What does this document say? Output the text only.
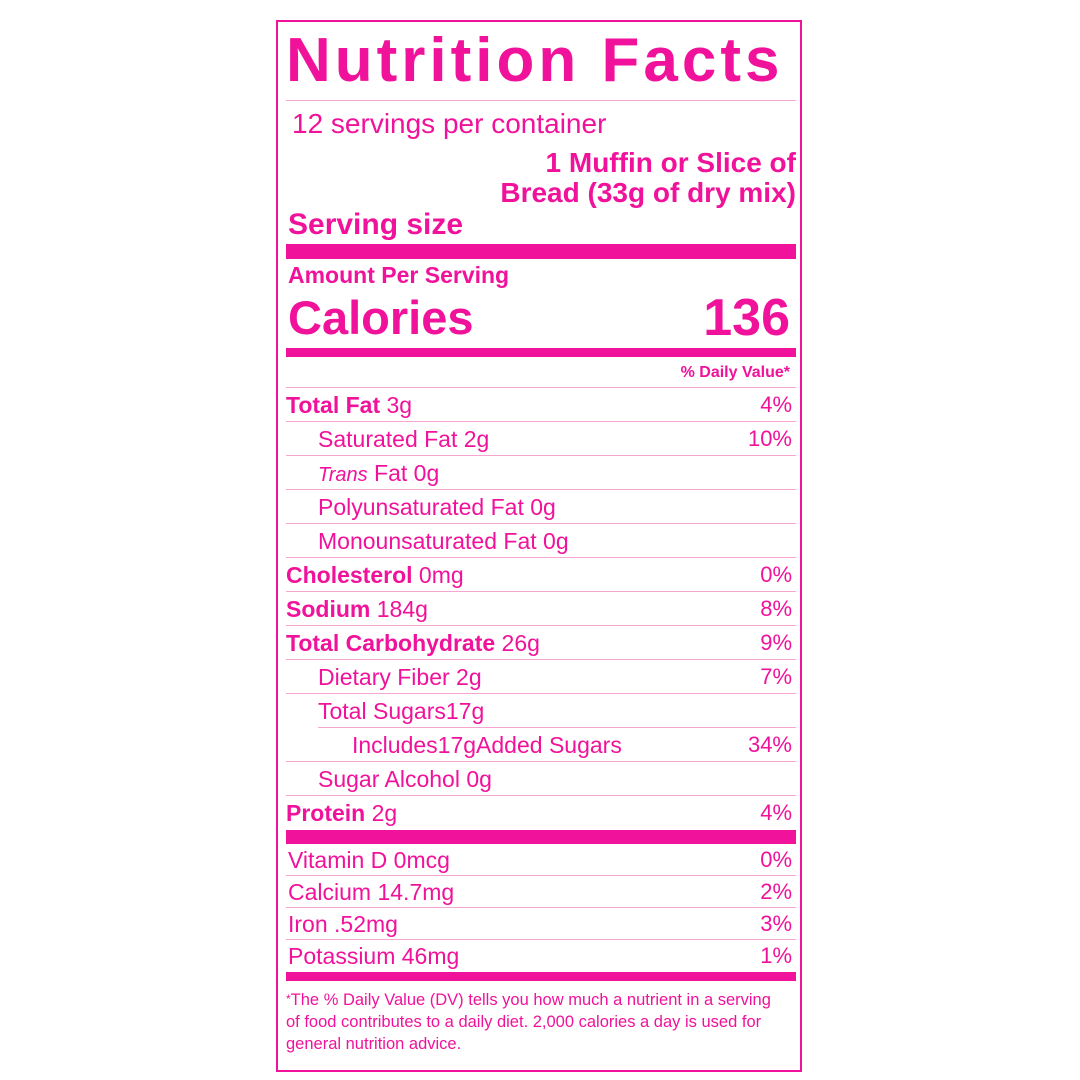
Nutrition Facts
12 servings per container
1 Muffin or Slice of Bread (33g of dry mix)
Serving size
Amount Per Serving
Calories	136
% Daily Value*
Total Fat 3g	4%
Saturated Fat 2g	10%
Trans Fat 0g
Polyunsaturated Fat 0g
Monounsaturated Fat 0g
Cholesterol 0mg	0%
Sodium 184g	8%
Total Carbohydrate 26g	9%
Dietary Fiber 2g	7%
Total Sugars17g
Includes17gAdded Sugars	34%
Sugar Alcohol 0g
Protein 2g	4%
Vitamin D 0mcg	0%
Calcium 14.7mg	2%
Iron .52mg	3%
Potassium 46mg	1%
*The % Daily Value (DV) tells you how much a nutrient in a serving of food contributes to a daily diet. 2,000 calories a day is used for general nutrition advice.
